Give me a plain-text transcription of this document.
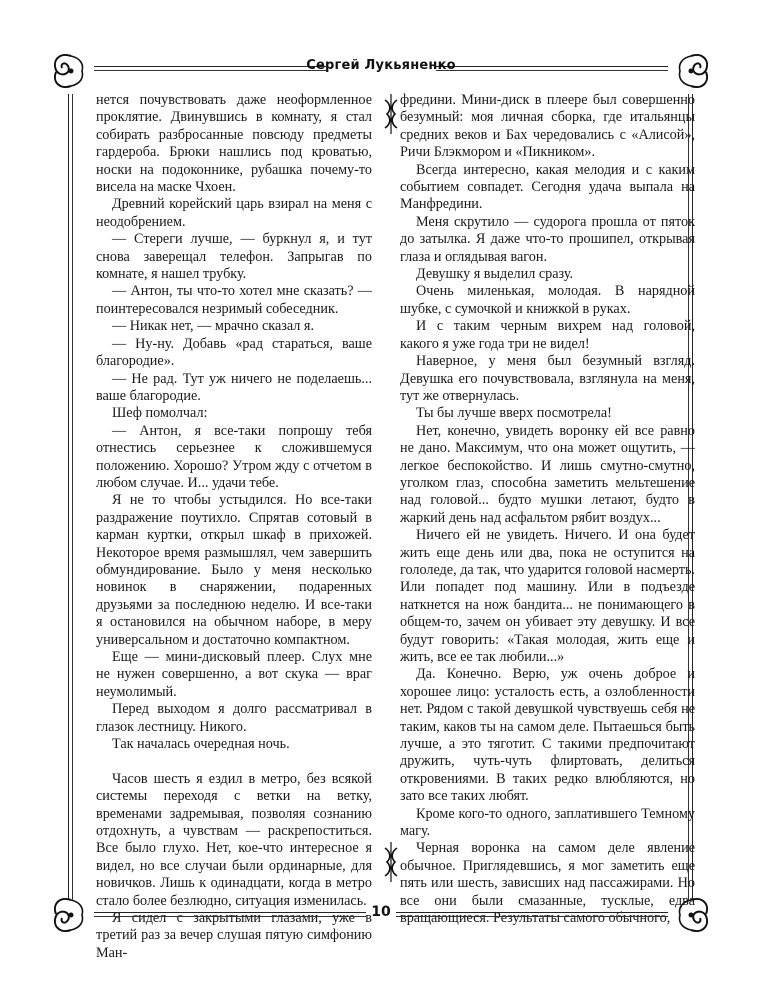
Сергей Лукьяненко

нется почувствовать даже неоформленное проклятие. Двинувшись в комнату, я стал собирать разбросанные повсюду предметы гардероба. Брюки нашлись под кроватью, носки на подоконнике, рубашка почему-то висела на маске Чхоен.

Древний корейский царь взирал на меня с неодобрением.

— Стереги лучше, — буркнул я, и тут снова заверещал телефон. Запрыгав по комнате, я нашел трубку.

— Антон, ты что-то хотел мне сказать? — поинтересовался незримый собеседник.

— Никак нет, — мрачно сказал я.

— Ну-ну. Добавь «рад стараться, ваше благородие».

— Не рад. Тут уж ничего не поделаешь... ваше благородие.

Шеф помолчал:

— Антон, я все-таки попрошу тебя отнестись серьезнее к сложившемуся положению. Хорошо? Утром жду с отчетом в любом случае. И... удачи тебе.

Я не то чтобы устыдился. Но все-таки раздражение поутихло. Спрятав сотовый в карман куртки, открыл шкаф в прихожей. Некоторое время размышлял, чем завершить обмундирование. Было у меня несколько новинок в снаряжении, подаренных друзьями за последнюю неделю. И все-таки я остановился на обычном наборе, в меру универсальном и достаточно компактном.

Еще — мини-дисковый плеер. Слух мне не нужен совершенно, а вот скука — враг неумолимый.

Перед выходом я долго рассматривал в глазок лестницу. Никого.

Так началась очередная ночь.

Часов шесть я ездил в метро, без всякой системы переходя с ветки на ветку, временами задремывая, позволяя сознанию отдохнуть, а чувствам — раскрепоститься. Все было глухо. Нет, кое-что интересное я видел, но все случаи были ординарные, для новичков. Лишь к одинадцати, когда в метро стало более безлюдно, ситуация изменилась.

Я сидел с закрытыми глазами, уже в третий раз за вечер слушая пятую симфонию Ман-

фредини. Мини-диск в плеере был совершенно безумный: моя личная сборка, где итальянцы средних веков и Бах чередовались с «Алисой», Ричи Блэкмором и «Пикником».

Всегда интересно, какая мелодия и с каким событием совпадет. Сегодня удача выпала на Манфредини.

Меня скрутило — судорога прошла от пяток до затылка. Я даже что-то прошипел, открывая глаза и оглядывая вагон.

Девушку я выделил сразу.

Очень миленькая, молодая. В нарядной шубке, с сумочкой и книжкой в руках.

И с таким черным вихрем над головой, какого я уже года три не видел!

Наверное, у меня был безумный взгляд. Девушка его почувствовала, взглянула на меня, тут же отвернулась.

Ты бы лучше вверх посмотрела!

Нет, конечно, увидеть воронку ей все равно не дано. Максимум, что она может ощутить, — легкое беспокойство. И лишь смутно-смутно, уголком глаз, способна заметить мельтешение над головой... будто мушки летают, будто в жаркий день над асфальтом рябит воздух...

Ничего ей не увидеть. Ничего. И она будет жить еще день или два, пока не оступится на гололеде, да так, что ударится головой насмерть. Или попадет под машину. Или в подъезде наткнется на нож бандита... не понимающего в общем-то, зачем он убивает эту девушку. И все будут говорить: «Такая молодая, жить еще и жить, все ее так любили...»

Да. Конечно. Верю, уж очень доброе и хорошее лицо: усталость есть, а озлобленности нет. Рядом с такой девушкой чувствуешь себя не таким, каков ты на самом деле. Пытаешься быть лучше, а это тяготит. С такими предпочитают дружить, чуть-чуть флиртовать, делиться откровениями. В таких редко влюбляются, но зато все таких любят.

Кроме кого-то одного, заплатившего Темному магу.

Черная воронка на самом деле явление обычное. Приглядевшись, я мог заметить еще пять или шесть, зависших над пассажирами. Но все они были смазанные, тусклые, едва вращающиеся. Результаты самого обычного,

10
